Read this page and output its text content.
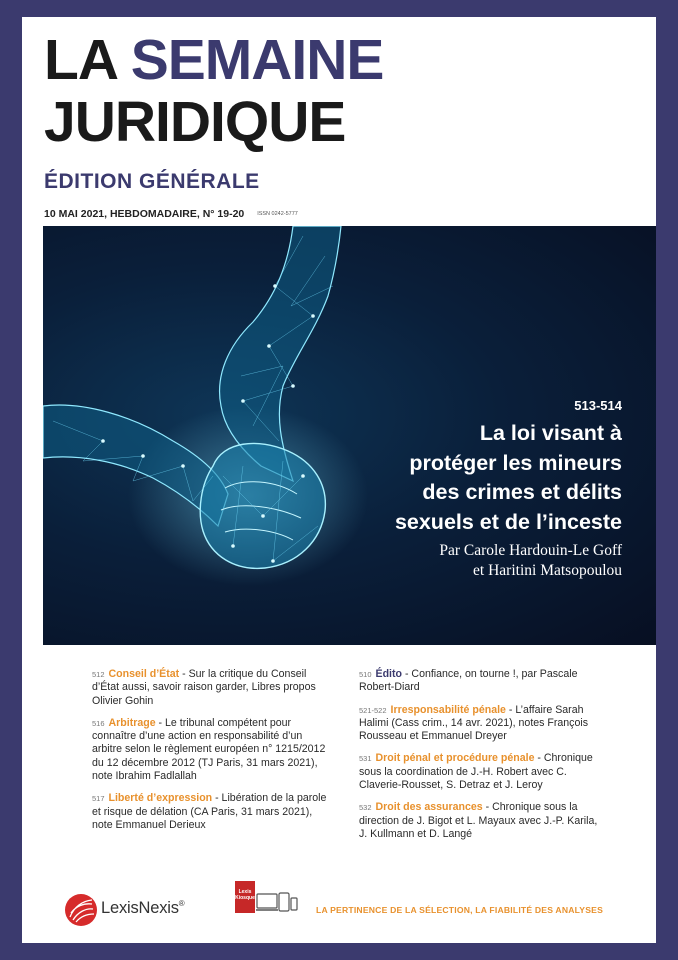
LA SEMAINE
JURIDIQUE
ÉDITION GÉNÉRALE
10 MAI 2021, HEBDOMADAIRE, N° 19-20 ISSN 0242-5777
513-514
La loi visant à
protéger les mineurs
des crimes et délits
sexuels et de l’inceste
Par Carole Hardouin-Le Goff
et Haritini Matsopoulou
512 Conseil d’État - Sur la critique du Conseil d’État aussi, savoir raison garder, Libres propos Olivier Gohin
516 Arbitrage - Le tribunal compétent pour connaître d’une action en responsabilité d’un arbitre selon le règlement européen n° 1215/2012 du 12 décembre 2012 (TJ Paris, 31 mars 2021), note Ibrahim Fadlallah
517 Liberté d’expression - Libération de la parole et risque de délation (CA Paris, 31 mars 2021), note Emmanuel Derieux
510 Édito - Confiance, on tourne !, par Pascale Robert-Diard
521-522 Irresponsabilité pénale - L’affaire Sarah Halimi (Cass crim., 14 avr. 2021), notes François Rousseau et Emmanuel Dreyer
531 Droit pénal et procédure pénale - Chronique sous la coordination de J.-H. Robert avec C. Claverie-Rousset, S. Detraz et J. Leroy
532 Droit des assurances - Chronique sous la direction de J. Bigot et L. Mayaux avec J.-P. Karila, J. Kullmann et D. Langé
LexisNexis®
Lexis
Kiosque
LA PERTINENCE DE LA SÉLECTION, LA FIABILITÉ DES ANALYSES
